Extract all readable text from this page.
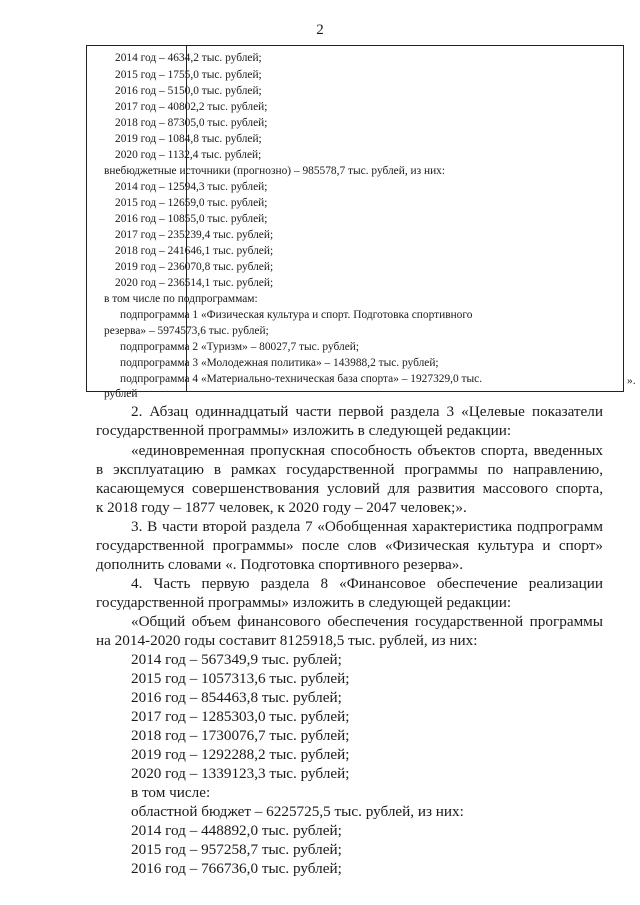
2
2014 год – 4634,2 тыс. рублей;
2015 год – 1755,0 тыс. рублей;
2016 год – 5150,0 тыс. рублей;
2017 год – 40802,2 тыс. рублей;
2018 год – 87305,0 тыс. рублей;
2019 год – 1084,8 тыс. рублей;
2020 год – 1132,4 тыс. рублей;
внебюджетные источники (прогнозно) – 985578,7 тыс. рублей, из них:
2014 год – 12594,3 тыс. рублей;
2015 год – 12659,0 тыс. рублей;
2016 год – 10855,0 тыс. рублей;
2017 год – 235239,4 тыс. рублей;
2018 год – 241646,1 тыс. рублей;
2019 год – 236070,8 тыс. рублей;
2020 год – 236514,1 тыс. рублей;
в том числе по подпрограммам:
подпрограмма 1 «Физическая культура и спорт. Подготовка спортивного
резерва» – 5974573,6 тыс. рублей;
подпрограмма 2 «Туризм» – 80027,7 тыс. рублей;
подпрограмма 3 «Молодежная политика» – 143988,2 тыс. рублей;
подпрограмма 4 «Материально-техническая база спорта» – 1927329,0 тыс.
рублей
».
2. Абзац одиннадцатый части первой раздела 3 «Целевые показатели
государственной программы» изложить в следующей редакции:
«единовременная пропускная способность объектов спорта, введенных
в эксплуатацию в рамках государственной программы по направлению,
касающемуся совершенствования условий для развития массового спорта,
к 2018 году – 1877 человек, к 2020 году – 2047 человек;».
3. В части второй раздела 7 «Обобщенная характеристика подпрограмм
государственной программы» после слов «Физическая культура и спорт»
дополнить словами «. Подготовка спортивного резерва».
4. Часть первую раздела 8 «Финансовое обеспечение реализации
государственной программы» изложить в следующей редакции:
«Общий объем финансового обеспечения государственной программы
на 2014-2020 годы составит 8125918,5 тыс. рублей, из них:
2014 год – 567349,9 тыс. рублей;
2015 год – 1057313,6 тыс. рублей;
2016 год – 854463,8 тыс. рублей;
2017 год – 1285303,0 тыс. рублей;
2018 год – 1730076,7 тыс. рублей;
2019 год – 1292288,2 тыс. рублей;
2020 год – 1339123,3 тыс. рублей;
в том числе:
областной бюджет – 6225725,5 тыс. рублей, из них:
2014 год – 448892,0 тыс. рублей;
2015 год – 957258,7 тыс. рублей;
2016 год – 766736,0 тыс. рублей;
